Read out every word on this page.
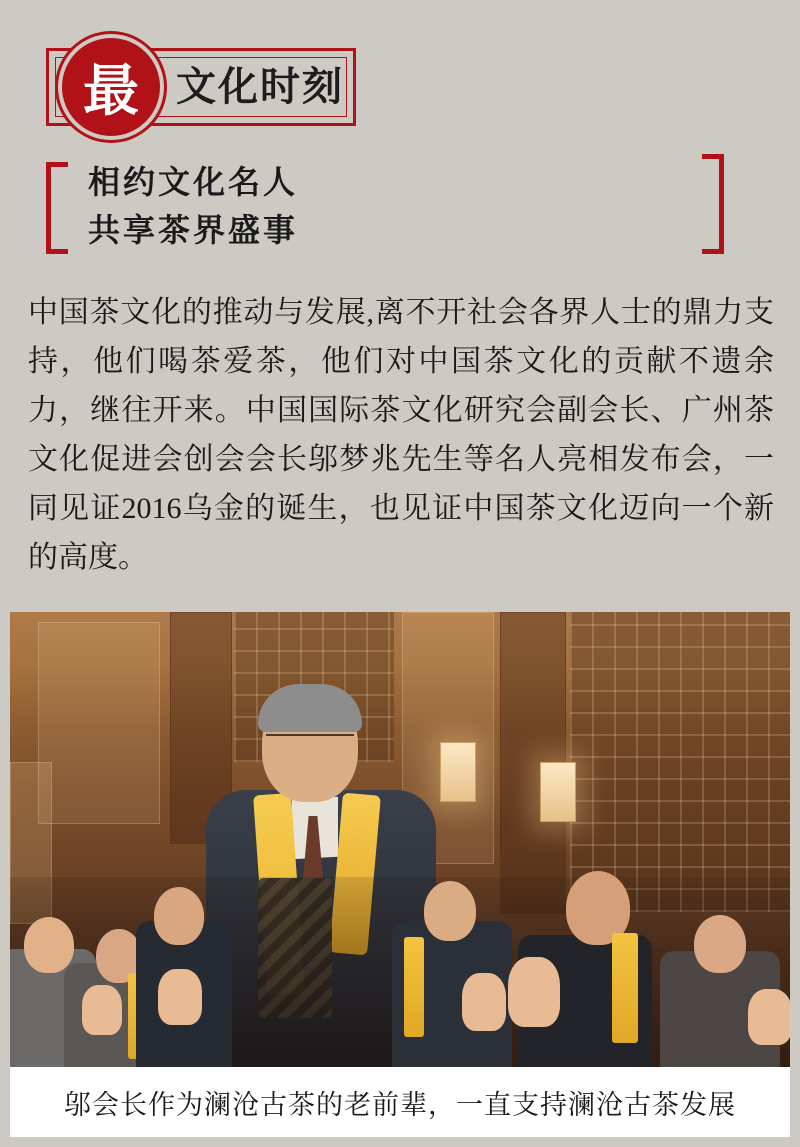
最 文化时刻
相约文化名人
共享茶界盛事
中国茶文化的推动与发展,离不开社会各界人士的鼎力支持，他们喝茶爱茶，他们对中国茶文化的贡献不遗余力，继往开来。中国国际茶文化研究会副会长、广州茶文化促进会创会会长邬梦兆先生等名人亮相发布会，一同见证2016乌金的诞生，也见证中国茶文化迈向一个新的高度。
邬会长作为澜沧古茶的老前辈，一直支持澜沧古茶发展
